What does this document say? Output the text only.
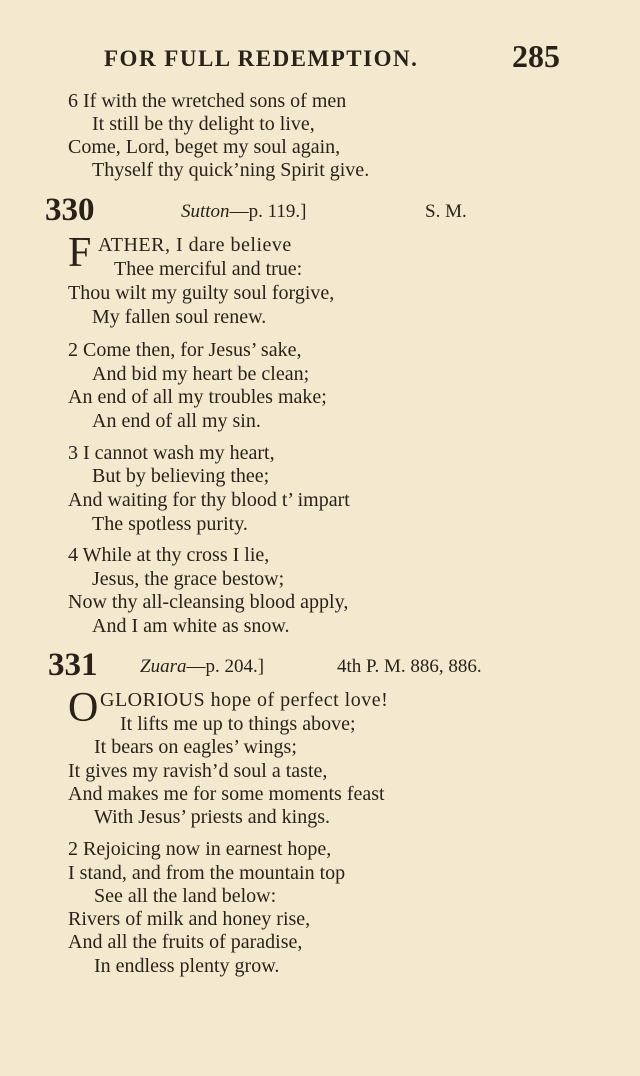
FOR FULL REDEMPTION.	285
6 If with the wretched sons of men
It still be thy delight to live,
Come, Lord, beget my soul again,
Thyself thy quick’ning Spirit give.
330	Sutton—p. 119.]	S. M.
F ATHER, I dare believe
Thee merciful and true:
Thou wilt my guilty soul forgive,
My fallen soul renew.
2 Come then, for Jesus’ sake,
And bid my heart be clean;
An end of all my troubles make;
An end of all my sin.
3 I cannot wash my heart,
But by believing thee;
And waiting for thy blood t’ impart
The spotless purity.
4 While at thy cross I lie,
Jesus, the grace bestow;
Now thy all-cleansing blood apply,
And I am white as snow.
331 Zuara—p. 204.]	4th P. M. 886, 886.
O GLORIOUS hope of perfect love!
It lifts me up to things above;
It bears on eagles’ wings;
It gives my ravish’d soul a taste,
And makes me for some moments feast
With Jesus’ priests and kings.
2 Rejoicing now in earnest hope,
I stand, and from the mountain top
See all the land below:
Rivers of milk and honey rise,
And all the fruits of paradise,
In endless plenty grow.
